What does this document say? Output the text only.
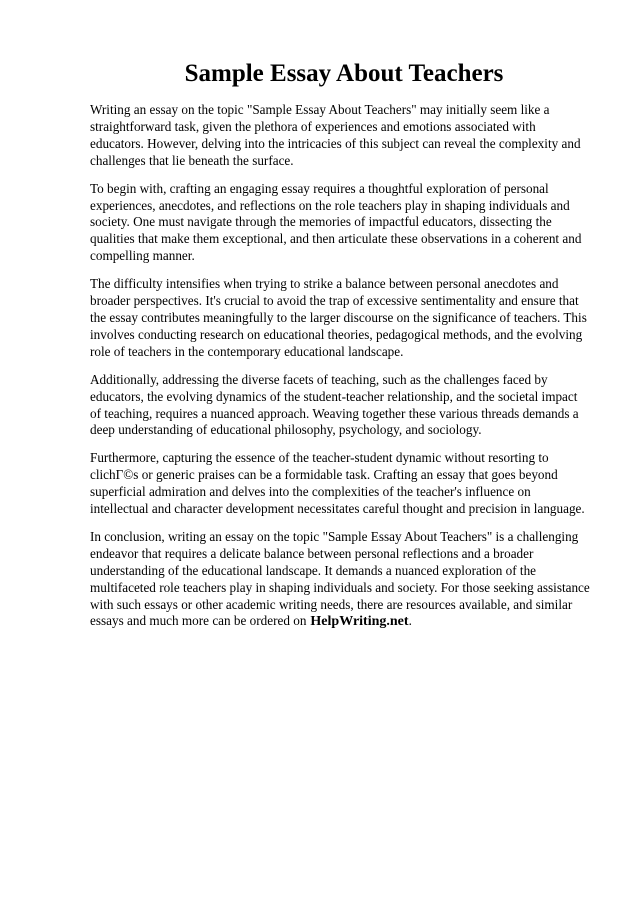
Sample Essay About Teachers

Writing an essay on the topic "Sample Essay About Teachers" may initially seem like a straightforward task, given the plethora of experiences and emotions associated with educators. However, delving into the intricacies of this subject can reveal the complexity and challenges that lie beneath the surface.

To begin with, crafting an engaging essay requires a thoughtful exploration of personal experiences, anecdotes, and reflections on the role teachers play in shaping individuals and society. One must navigate through the memories of impactful educators, dissecting the qualities that make them exceptional, and then articulate these observations in a coherent and compelling manner.

The difficulty intensifies when trying to strike a balance between personal anecdotes and broader perspectives. It's crucial to avoid the trap of excessive sentimentality and ensure that the essay contributes meaningfully to the larger discourse on the significance of teachers. This involves conducting research on educational theories, pedagogical methods, and the evolving role of teachers in the contemporary educational landscape.

Additionally, addressing the diverse facets of teaching, such as the challenges faced by educators, the evolving dynamics of the student-teacher relationship, and the societal impact of teaching, requires a nuanced approach. Weaving together these various threads demands a deep understanding of educational philosophy, psychology, and sociology.

Furthermore, capturing the essence of the teacher-student dynamic without resorting to clichГ©s or generic praises can be a formidable task. Crafting an essay that goes beyond superficial admiration and delves into the complexities of the teacher's influence on intellectual and character development necessitates careful thought and precision in language.

In conclusion, writing an essay on the topic "Sample Essay About Teachers" is a challenging endeavor that requires a delicate balance between personal reflections and a broader understanding of the educational landscape. It demands a nuanced exploration of the multifaceted role teachers play in shaping individuals and society. For those seeking assistance with such essays or other academic writing needs, there are resources available, and similar essays and much more can be ordered on HelpWriting.net.
